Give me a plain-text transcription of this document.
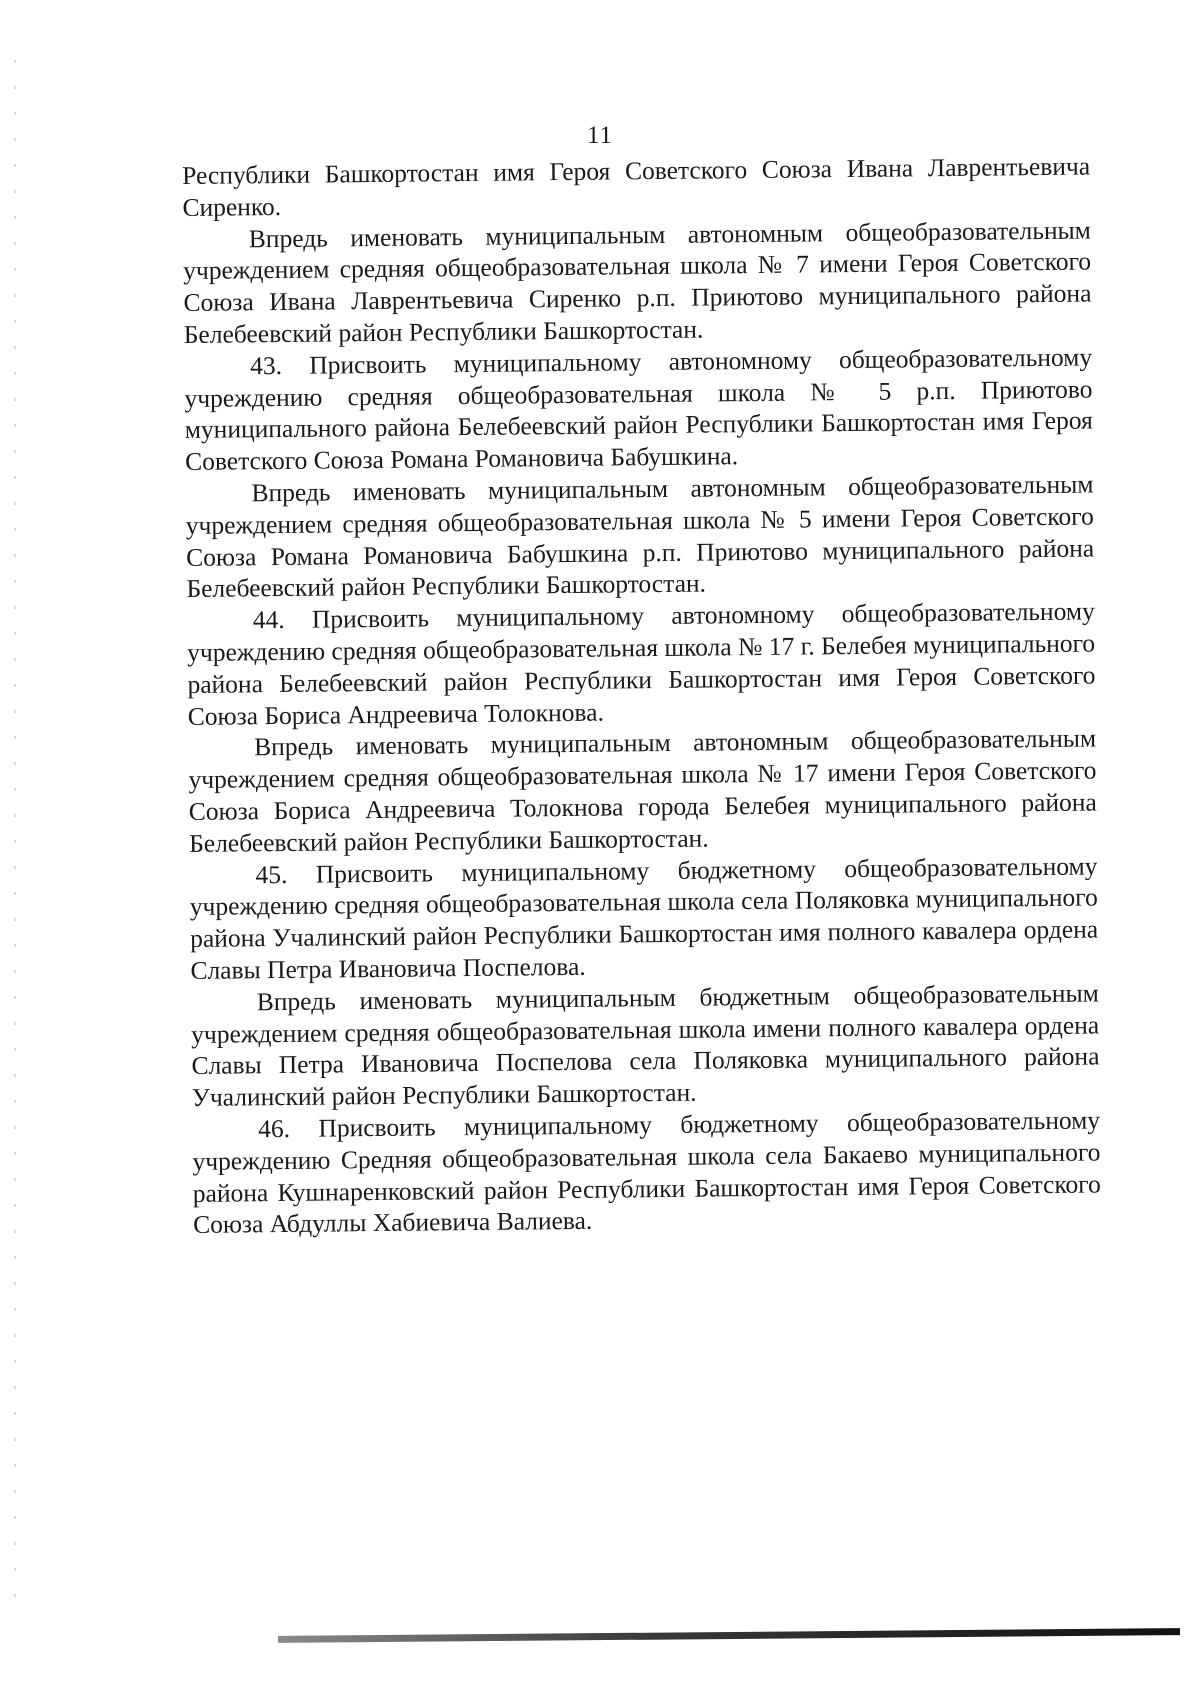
11

Республики Башкортостан имя Героя Советского Союза Ивана Лаврентьевича Сиренко.

Впредь именовать муниципальным автономным общеобразовательным учреждением средняя общеобразовательная школа № 7 имени Героя Советского Союза Ивана Лаврентьевича Сиренко р.п. Приютово муниципального района Белебеевский район Республики Башкортостан.

43. Присвоить муниципальному автономному общеобразовательному учреждению средняя общеобразовательная школа № 5 р.п. Приютово муниципального района Белебеевский район Республики Башкортостан имя Героя Советского Союза Романа Романовича Бабушкина.

Впредь именовать муниципальным автономным общеобразовательным учреждением средняя общеобразовательная школа № 5 имени Героя Советского Союза Романа Романовича Бабушкина р.п. Приютово муниципального района Белебеевский район Республики Башкортостан.

44. Присвоить муниципальному автономному общеобразовательному учреждению средняя общеобразовательная школа № 17 г. Белебея муниципального района Белебеевский район Республики Башкортостан имя Героя Советского Союза Бориса Андреевича Толокнова.

Впредь именовать муниципальным автономным общеобразовательным учреждением средняя общеобразовательная школа № 17 имени Героя Советского Союза Бориса Андреевича Толокнова города Белебея муниципального района Белебеевский район Республики Башкортостан.

45. Присвоить муниципальному бюджетному общеобразовательному учреждению средняя общеобразовательная школа села Поляковка муниципального района Учалинский район Республики Башкортостан имя полного кавалера ордена Славы Петра Ивановича Поспелова.

Впредь именовать муниципальным бюджетным общеобразовательным учреждением средняя общеобразовательная школа имени полного кавалера ордена Славы Петра Ивановича Поспелова села Поляковка муниципального района Учалинский район Республики Башкортостан.

46. Присвоить муниципальному бюджетному общеобразовательному учреждению Средняя общеобразовательная школа села Бакаево муниципального района Кушнаренковский район Республики Башкортостан имя Героя Советского Союза Абдуллы Хабиевича Валиева.
